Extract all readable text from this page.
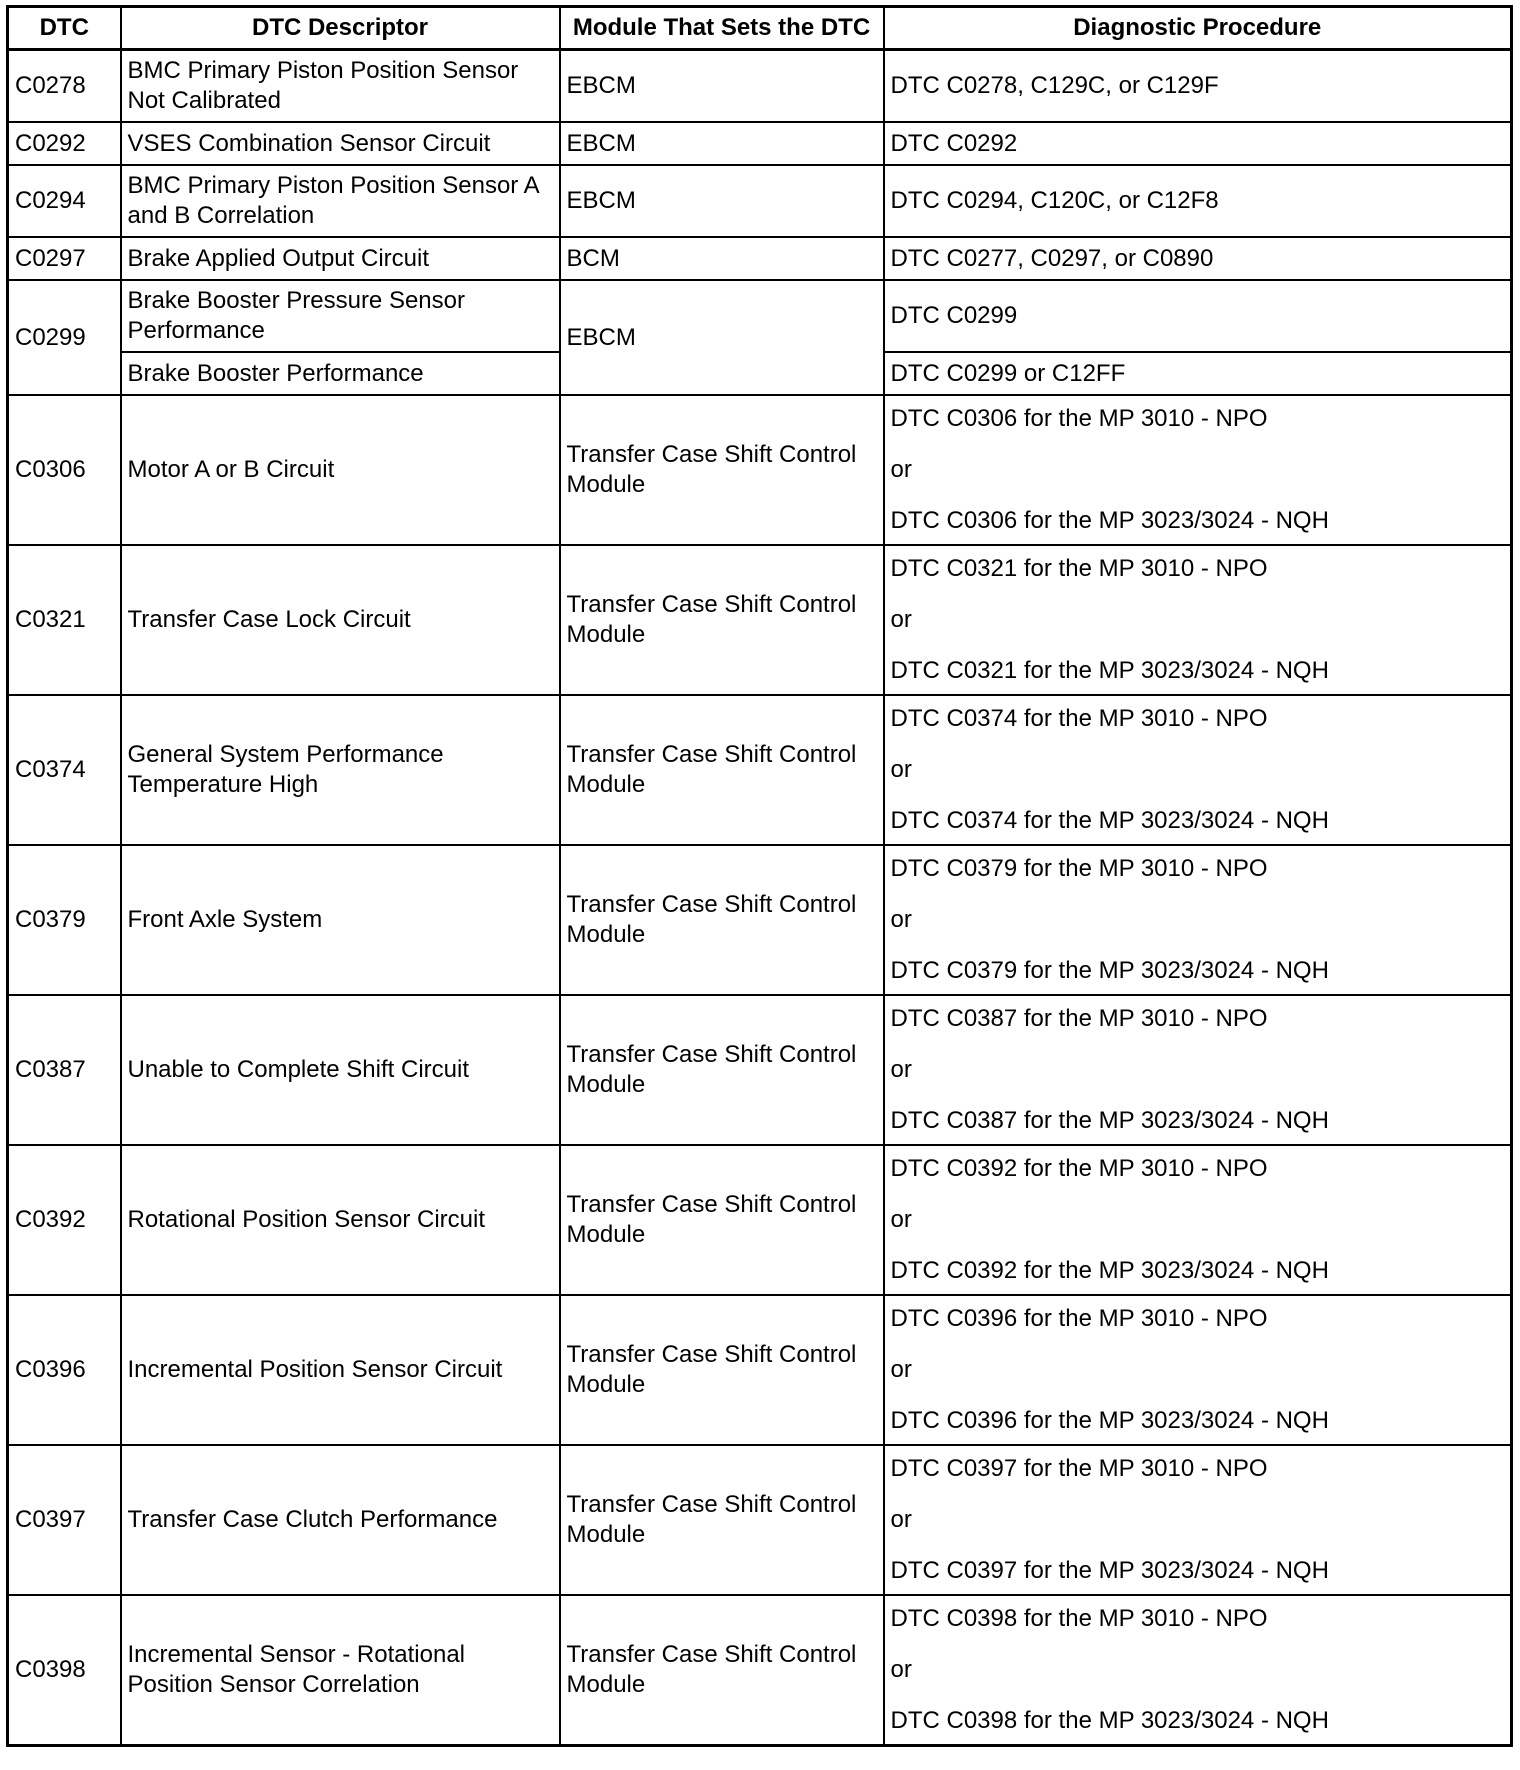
DTC	DTC Descriptor	Module That Sets the DTC	Diagnostic Procedure
C0278	BMC Primary Piston Position Sensor Not Calibrated	EBCM	DTC C0278, C129C, or C129F
C0292	VSES Combination Sensor Circuit	EBCM	DTC C0292
C0294	BMC Primary Piston Position Sensor A and B Correlation	EBCM	DTC C0294, C120C, or C12F8
C0297	Brake Applied Output Circuit	BCM	DTC C0277, C0297, or C0890
C0299	Brake Booster Pressure Sensor Performance	EBCM	DTC C0299
	Brake Booster Performance		DTC C0299 or C12FF
C0306	Motor A or B Circuit	Transfer Case Shift Control Module	DTC C0306 for the MP 3010 - NPO
or
DTC C0306 for the MP 3023/3024 - NQH

C0321	Transfer Case Lock Circuit	Transfer Case Shift Control Module	DTC C0321 for the MP 3010 - NPO
or
DTC C0321 for the MP 3023/3024 - NQH

C0374	General System Performance Temperature High	Transfer Case Shift Control Module	DTC C0374 for the MP 3010 - NPO
or
DTC C0374 for the MP 3023/3024 - NQH

C0379	Front Axle System	Transfer Case Shift Control Module	DTC C0379 for the MP 3010 - NPO
or
DTC C0379 for the MP 3023/3024 - NQH

C0387	Unable to Complete Shift Circuit	Transfer Case Shift Control Module	DTC C0387 for the MP 3010 - NPO
or
DTC C0387 for the MP 3023/3024 - NQH

C0392	Rotational Position Sensor Circuit	Transfer Case Shift Control Module	DTC C0392 for the MP 3010 - NPO
or
DTC C0392 for the MP 3023/3024 - NQH

C0396	Incremental Position Sensor Circuit	Transfer Case Shift Control Module	DTC C0396 for the MP 3010 - NPO
or
DTC C0396 for the MP 3023/3024 - NQH

C0397	Transfer Case Clutch Performance	Transfer Case Shift Control Module	DTC C0397 for the MP 3010 - NPO
or
DTC C0397 for the MP 3023/3024 - NQH

C0398	Incremental Sensor - Rotational Position Sensor Correlation	Transfer Case Shift Control Module	DTC C0398 for the MP 3010 - NPO
or
DTC C0398 for the MP 3023/3024 - NQH
